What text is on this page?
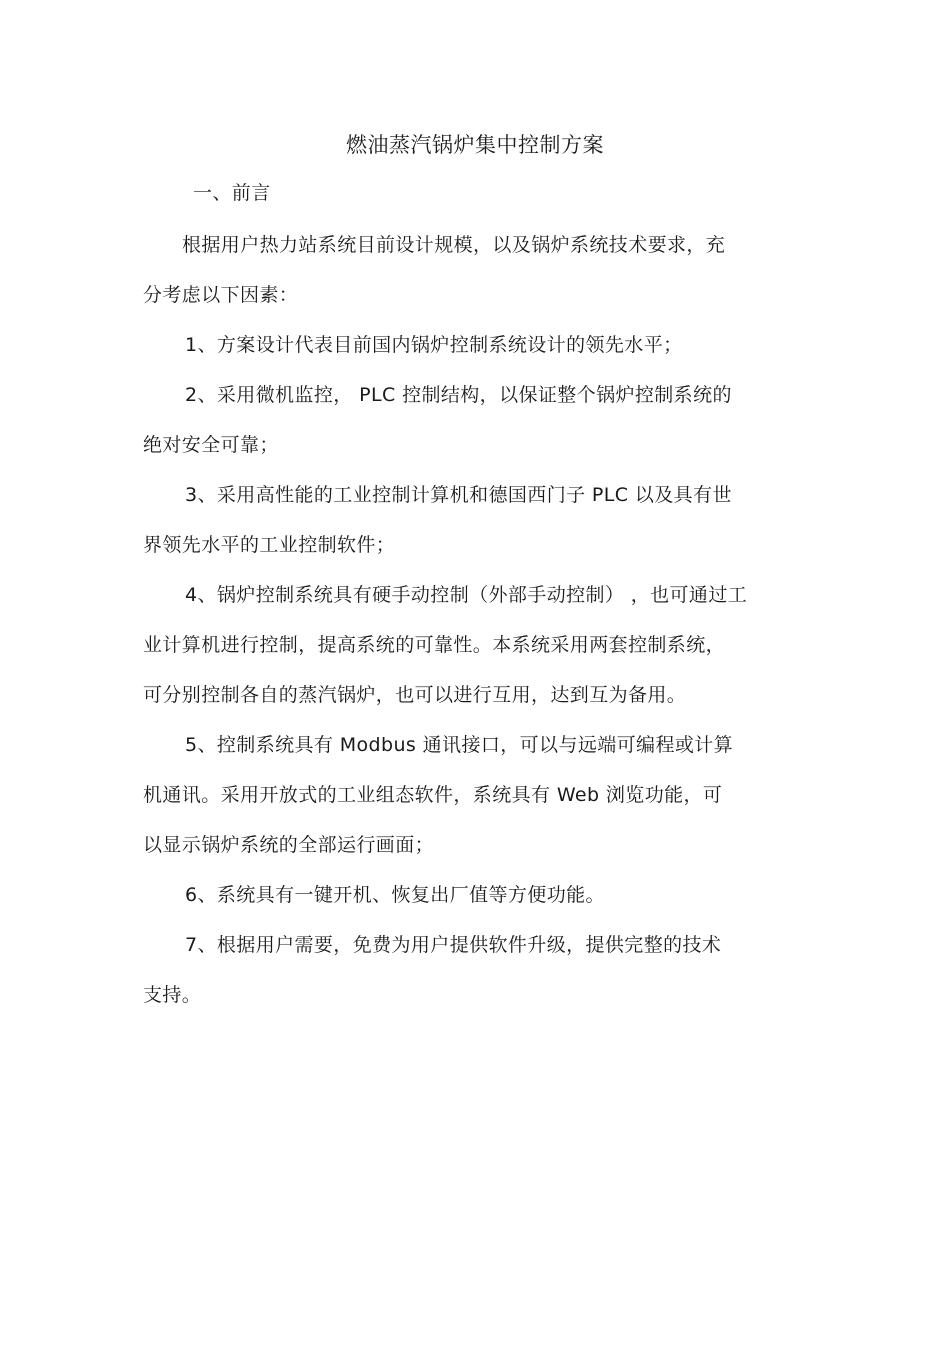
燃油蒸汽锅炉集中控制方案
一、前言
根据用户热力站系统目前设计规模，以及锅炉系统技术要求，充
分考虑以下因素：
1、方案设计代表目前国内锅炉控制系统设计的领先水平；
2、采用微机监控， PLC 控制结构，以保证整个锅炉控制系统的
绝对安全可靠；
3、采用高性能的工业控制计算机和德国西门子 PLC 以及具有世
界领先水平的工业控制软件；
4、锅炉控制系统具有硬手动控制（外部手动控制） ，也可通过工
业计算机进行控制，提高系统的可靠性。本系统采用两套控制系统，
可分别控制各自的蒸汽锅炉，也可以进行互用，达到互为备用。
5、控制系统具有 Modbus 通讯接口，可以与远端可编程或计算
机通讯。采用开放式的工业组态软件，系统具有 Web 浏览功能，可
以显示锅炉系统的全部运行画面；
6、系统具有一键开机、恢复出厂值等方便功能。
7、根据用户需要，免费为用户提供软件升级，提供完整的技术
支持。
